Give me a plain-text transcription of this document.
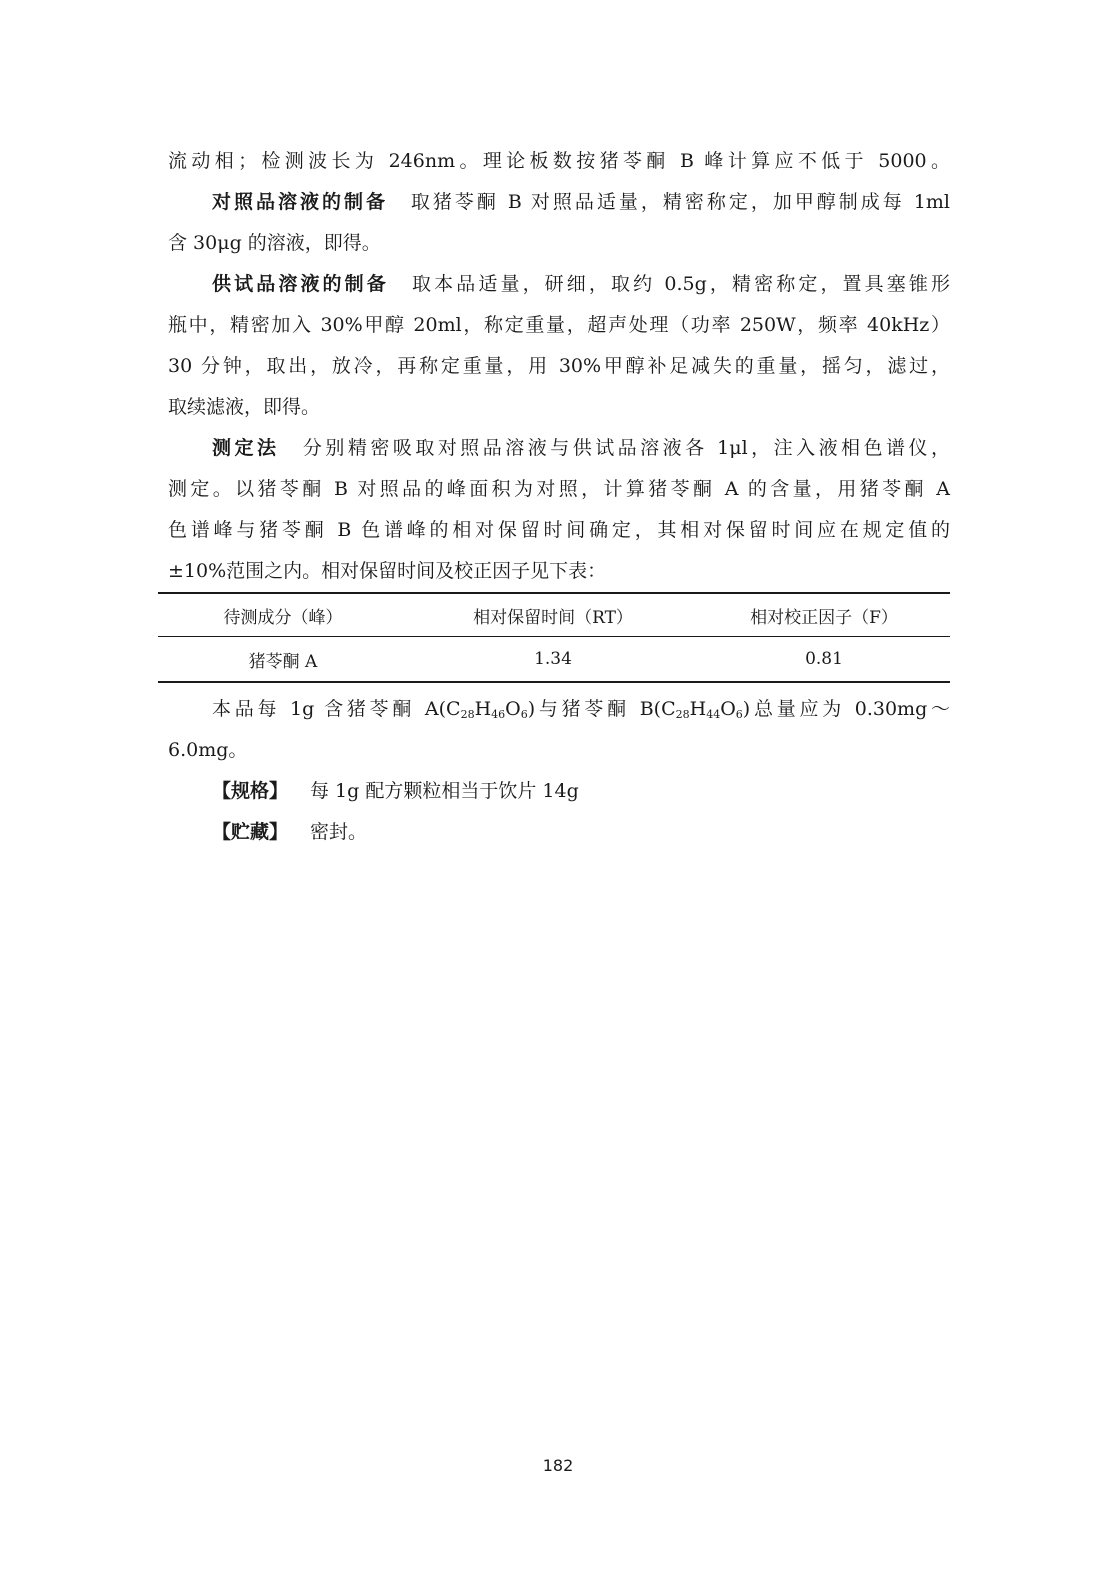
流动相；检测波长为 246nm。理论板数按猪苓酮 B 峰计算应不低于 5000。

对照品溶液的制备 取猪苓酮 B 对照品适量，精密称定，加甲醇制成每 1ml

含 30μg 的溶液，即得。

供试品溶液的制备 取本品适量，研细，取约 0.5g，精密称定，置具塞锥形

瓶中，精密加入 30%甲醇 20ml，称定重量，超声处理（功率 250W，频率 40kHz）

30 分钟，取出，放冷，再称定重量，用 30%甲醇补足减失的重量，摇匀，滤过，

取续滤液，即得。

测定法 分别精密吸取对照品溶液与供试品溶液各 1μl，注入液相色谱仪，

测定。以猪苓酮 B 对照品的峰面积为对照，计算猪苓酮 A 的含量，用猪苓酮 A

色谱峰与猪苓酮 B 色谱峰的相对保留时间确定，其相对保留时间应在规定值的

±10%范围之内。相对保留时间及校正因子见下表：

待测成分（峰）	相对保留时间（RT）	相对校正因子（F）
猪苓酮 A	1.34	0.81

本品每 1g 含猪苓酮 $A(C_{28}H_{46}O_6)$与猪苓酮 $B(C_{28}H_{44}O_6)$总量应为 0.30mg～

6.0mg。

【规格】 每 1g 配方颗粒相当于饮片 14g

【贮藏】 密封。

182
